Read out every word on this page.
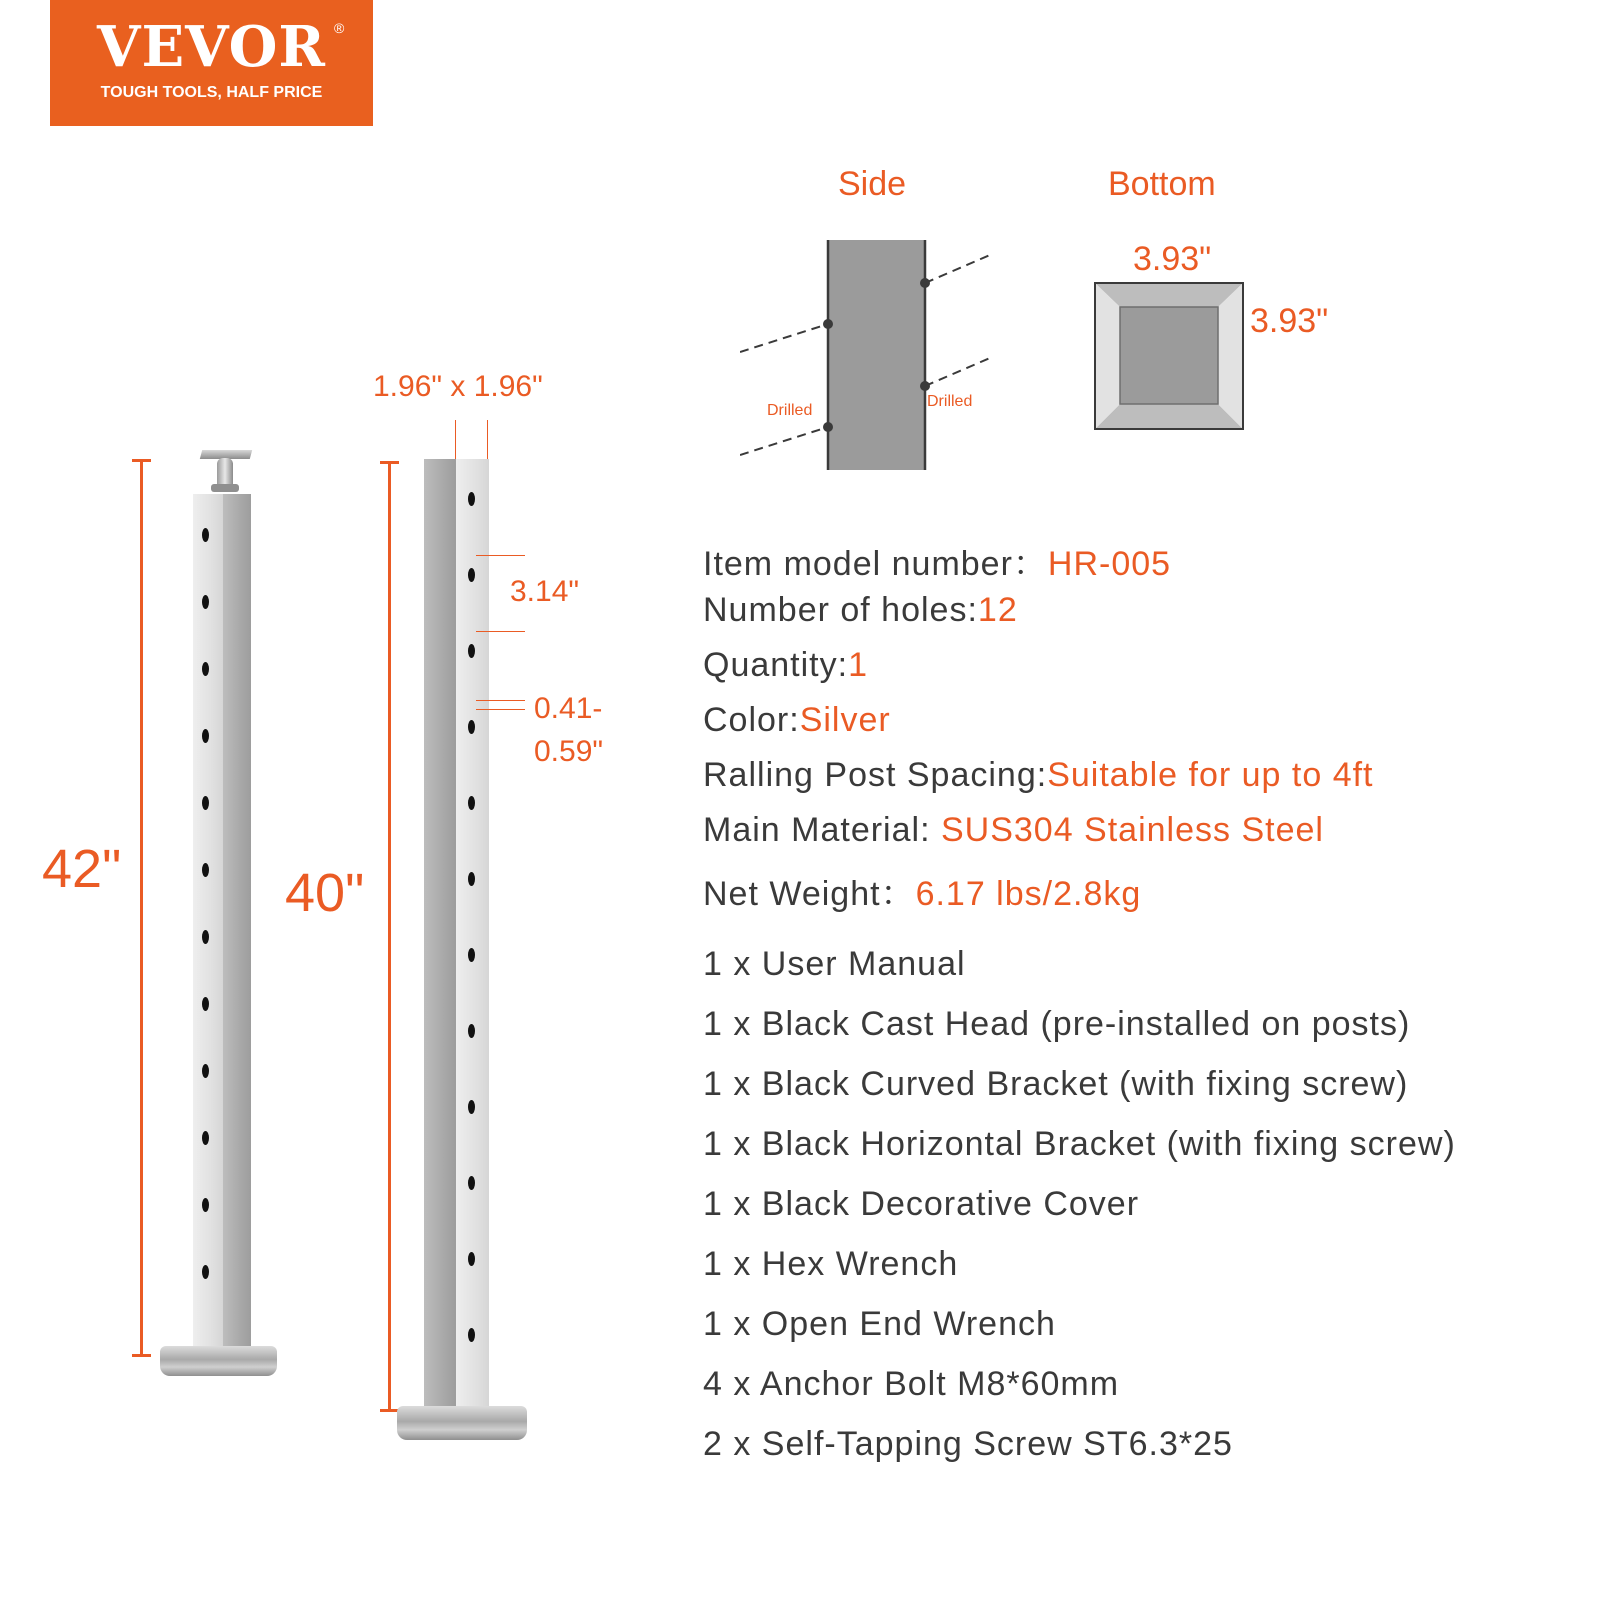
VEVOR ®
TOUGH TOOLS, HALF PRICE
Side
Drilled
Drilled
Bottom
3.93"
3.93"
42"	40"
1.96" x 1.96"
3.14"
0.41-
0.59"
Item model number：HR-005
Number of holes:12
Quantity:1
Color:Silver
Ralling Post Spacing:Suitable for up to 4ft
Main Material: SUS304 Stainless Steel
Net Weight：6.17 lbs/2.8kg
1 x User Manual
1 x Black Cast Head (pre-installed on posts)
1 x Black Curved Bracket (with fixing screw)
1 x Black Horizontal Bracket (with fixing screw)
1 x Black Decorative Cover
1 x Hex Wrench
1 x Open End Wrench
4 x Anchor Bolt M8*60mm
2 x Self-Tapping Screw ST6.3*25
